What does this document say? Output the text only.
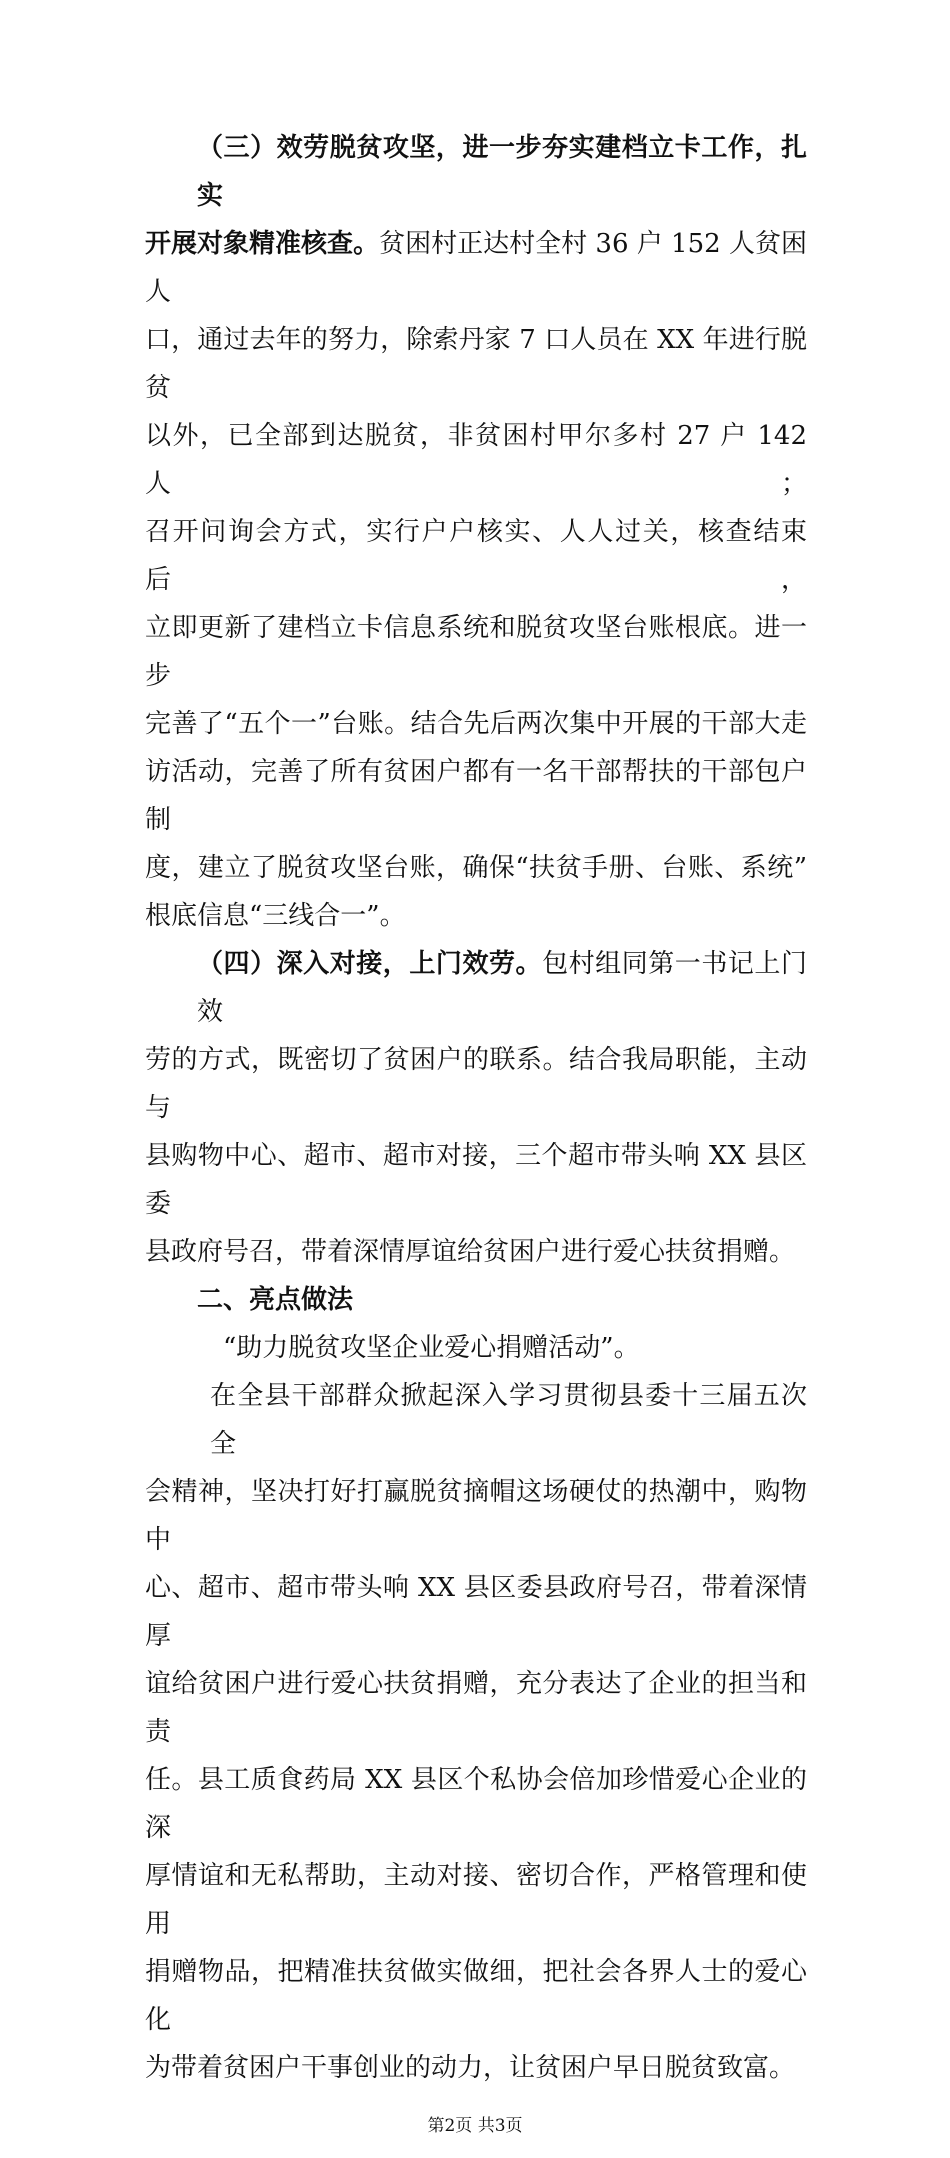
（三）效劳脱贫攻坚，进一步夯实建档立卡工作，扎实
开展对象精准核查。贫困村正达村全村 36 户 152 人贫困人
口，通过去年的努力，除索丹家 7 口人员在 XX 年进行脱贫
以外，已全部到达脱贫，非贫困村甲尔多村 27 户 142 人；
召开问询会方式，实行户户核实、人人过关，核查结束后，
立即更新了建档立卡信息系统和脱贫攻坚台账根底。进一步
完善了“五个一”台账。结合先后两次集中开展的干部大走
访活动，完善了所有贫困户都有一名干部帮扶的干部包户制
度，建立了脱贫攻坚台账，确保“扶贫手册、台账、系统”
根底信息“三线合一”。
（四）深入对接，上门效劳。包村组同第一书记上门效
劳的方式，既密切了贫困户的联系。结合我局职能，主动与
县购物中心、超市、超市对接，三个超市带头响 XX 县区委
县政府号召，带着深情厚谊给贫困户进行爱心扶贫捐赠。
二、亮点做法
“助力脱贫攻坚企业爱心捐赠活动”。
在全县干部群众掀起深入学习贯彻县委十三届五次全
会精神，坚决打好打赢脱贫摘帽这场硬仗的热潮中，购物中
心、超市、超市带头响 XX 县区委县政府号召，带着深情厚
谊给贫困户进行爱心扶贫捐赠，充分表达了企业的担当和责
任。县工质食药局 XX 县区个私协会倍加珍惜爱心企业的深
厚情谊和无私帮助，主动对接、密切合作，严格管理和使用
捐赠物品，把精准扶贫做实做细，把社会各界人士的爱心化
为带着贫困户干事创业的动力，让贫困户早日脱贫致富。
第2页 共3页
